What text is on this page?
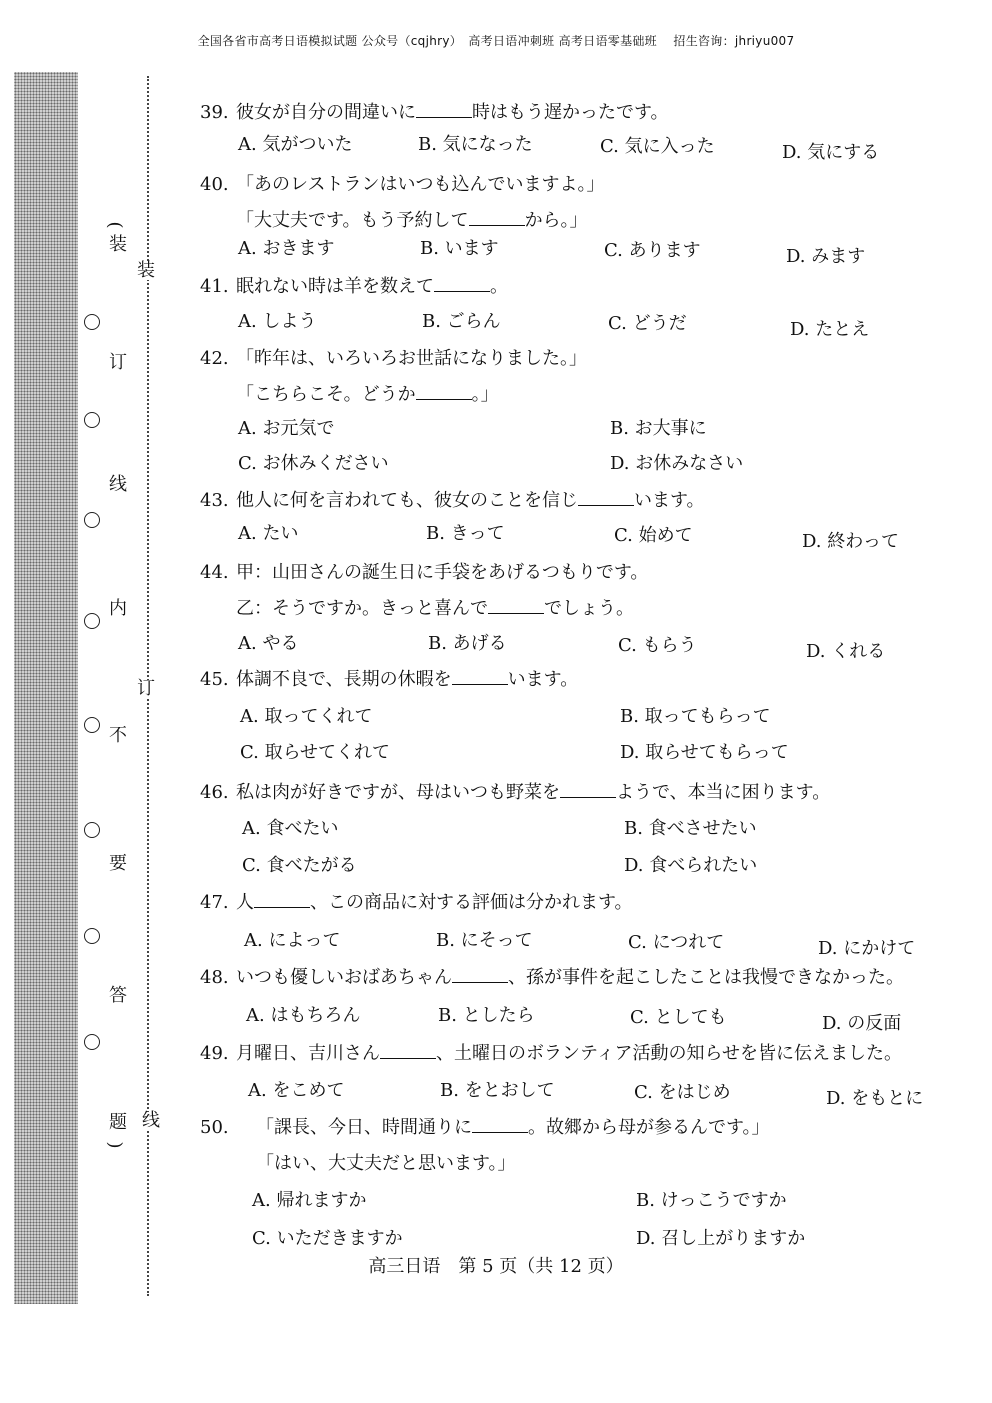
全国各省市高考日语模拟试题 公众号（cqjhry）　高考日语冲刺班 高考日语零基础班　 招生咨询：jhriyu007
(
装
订
线
内
不
要
答
题
)
装
订
线
39. 彼女が自分の間違いに	時はもう遅かったです。
A. 気がついた	B. 気になった	C. 気に入った	D. 気にする
40. 「あのレストランはいつも込んでいますよ。」
「大丈夫です。もう予約して	から。」
A. おきます	B. います	C. あります	D. みます
41. 眠れない時は羊を数えて	。
A. しよう	B. ごらん	C. どうだ	D. たとえ
42. 「昨年は、いろいろお世話になりました。」
「こちらこそ。どうか	。」
A. お元気で	B. お大事に
C. お休みください	D. お休みなさい
43. 他人に何を言われても、彼女のことを信じ	います。
A. たい	B. きって	C. 始めて	D. 終わって
44. 甲：山田さんの誕生日に手袋をあげるつもりです。
乙：そうですか。きっと喜んで	でしょう。
A. やる	B. あげる	C. もらう	D. くれる
45. 体調不良で、長期の休暇を	います。
A. 取ってくれて	B. 取ってもらって
C. 取らせてくれて	D. 取らせてもらって
46. 私は肉が好きですが、母はいつも野菜を	ようで、本当に困ります。
A. 食べたい	B. 食べさせたい
C. 食べたがる	D. 食べられたい
47. 人	、この商品に対する評価は分かれます。
A. によって	B. にそって	C. につれて	D. にかけて
48. いつも優しいおばあちゃん	、孫が事件を起こしたことは我慢できなかった。
A. はもちろん	B. としたら	C. としても	D. の反面
49. 月曜日、吉川さん	、土曜日のボランティア活動の知らせを皆に伝えました。
A. をこめて	B. をとおして	C. をはじめ	D. をもとに
50. 「課長、今日、時間通りに	。故郷から母が参るんです。」
「はい、大丈夫だと思います。」
A. 帰れますか	B. けっこうですか
C. いただきますか	D. 召し上がりますか
高三日语　第 5 页（共 12 页）
